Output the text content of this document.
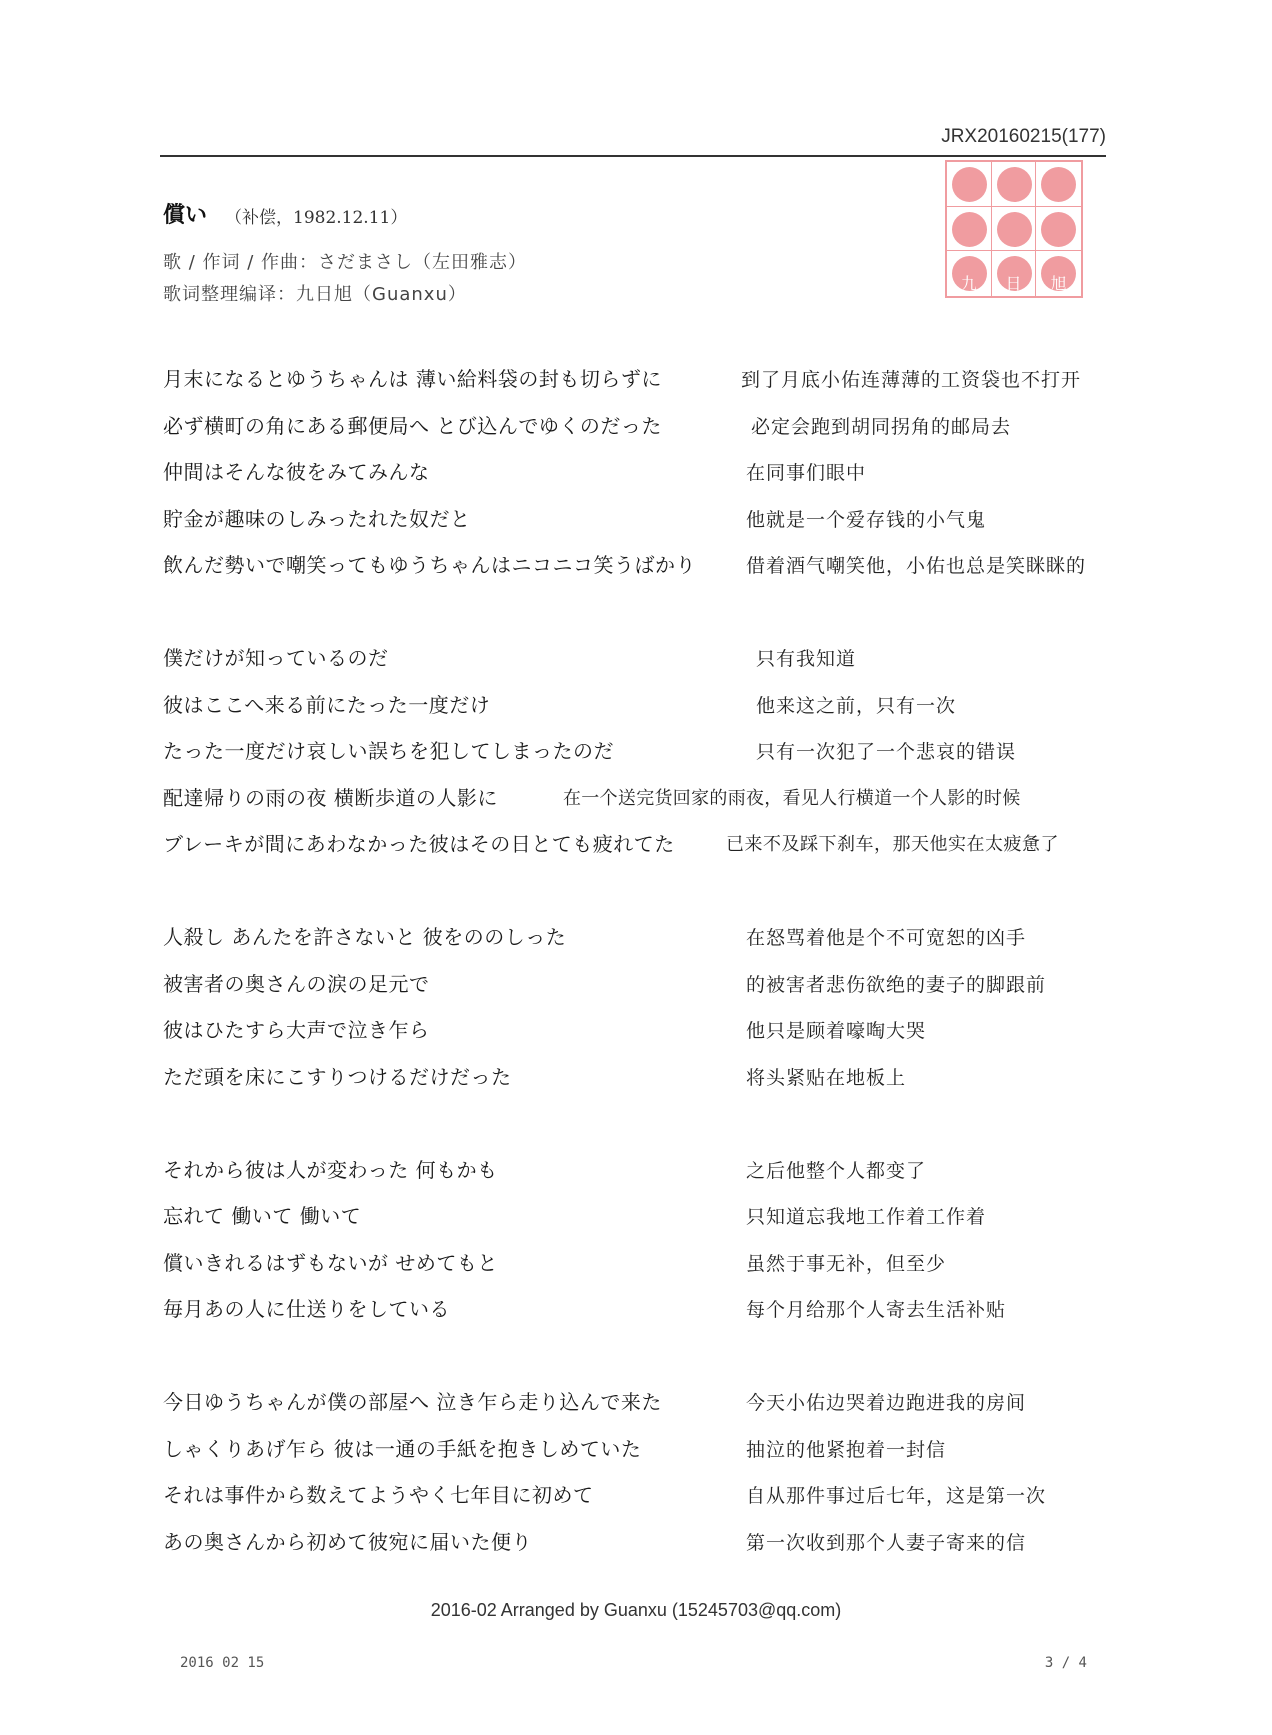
JRX20160215(177)
九	日	旭
償い （补偿，1982.12.11）
歌 / 作词 / 作曲：さだまさし（左田雅志）
歌词整理编译：九日旭（Guanxu）
月末になるとゆうちゃんは 薄い給料袋の封も切らずに	到了月底小佑连薄薄的工资袋也不打开
必ず横町の角にある郵便局へ とび込んでゆくのだった	必定会跑到胡同拐角的邮局去
仲間はそんな彼をみてみんな	在同事们眼中
貯金が趣味のしみったれた奴だと	他就是一个爱存钱的小气鬼
飲んだ勢いで嘲笑ってもゆうちゃんはニコニコ笑うばかり	借着酒气嘲笑他，小佑也总是笑眯眯的
僕だけが知っているのだ	只有我知道
彼はここへ来る前にたった一度だけ	他来这之前，只有一次
たった一度だけ哀しい誤ちを犯してしまったのだ	只有一次犯了一个悲哀的错误
配達帰りの雨の夜 横断歩道の人影に	在一个送完货回家的雨夜，看见人行横道一个人影的时候
ブレーキが間にあわなかった彼はその日とても疲れてた	已来不及踩下刹车，那天他实在太疲惫了
人殺し あんたを許さないと 彼をののしった	在怒骂着他是个不可宽恕的凶手
被害者の奥さんの涙の足元で	的被害者悲伤欲绝的妻子的脚跟前
彼はひたすら大声で泣き乍ら	他只是顾着嚎啕大哭
ただ頭を床にこすりつけるだけだった	将头紧贴在地板上
それから彼は人が変わった 何もかも	之后他整个人都变了
忘れて 働いて 働いて	只知道忘我地工作着工作着
償いきれるはずもないが せめてもと	虽然于事无补，但至少
毎月あの人に仕送りをしている	每个月给那个人寄去生活补贴
今日ゆうちゃんが僕の部屋へ 泣き乍ら走り込んで来た	今天小佑边哭着边跑进我的房间
しゃくりあげ乍ら 彼は一通の手紙を抱きしめていた	抽泣的他紧抱着一封信
それは事件から数えてようやく七年目に初めて	自从那件事过后七年，这是第一次
あの奥さんから初めて彼宛に届いた便り	第一次收到那个人妻子寄来的信
2016-02 Arranged by Guanxu (15245703@qq.com)
2016 02 15	3 / 4
